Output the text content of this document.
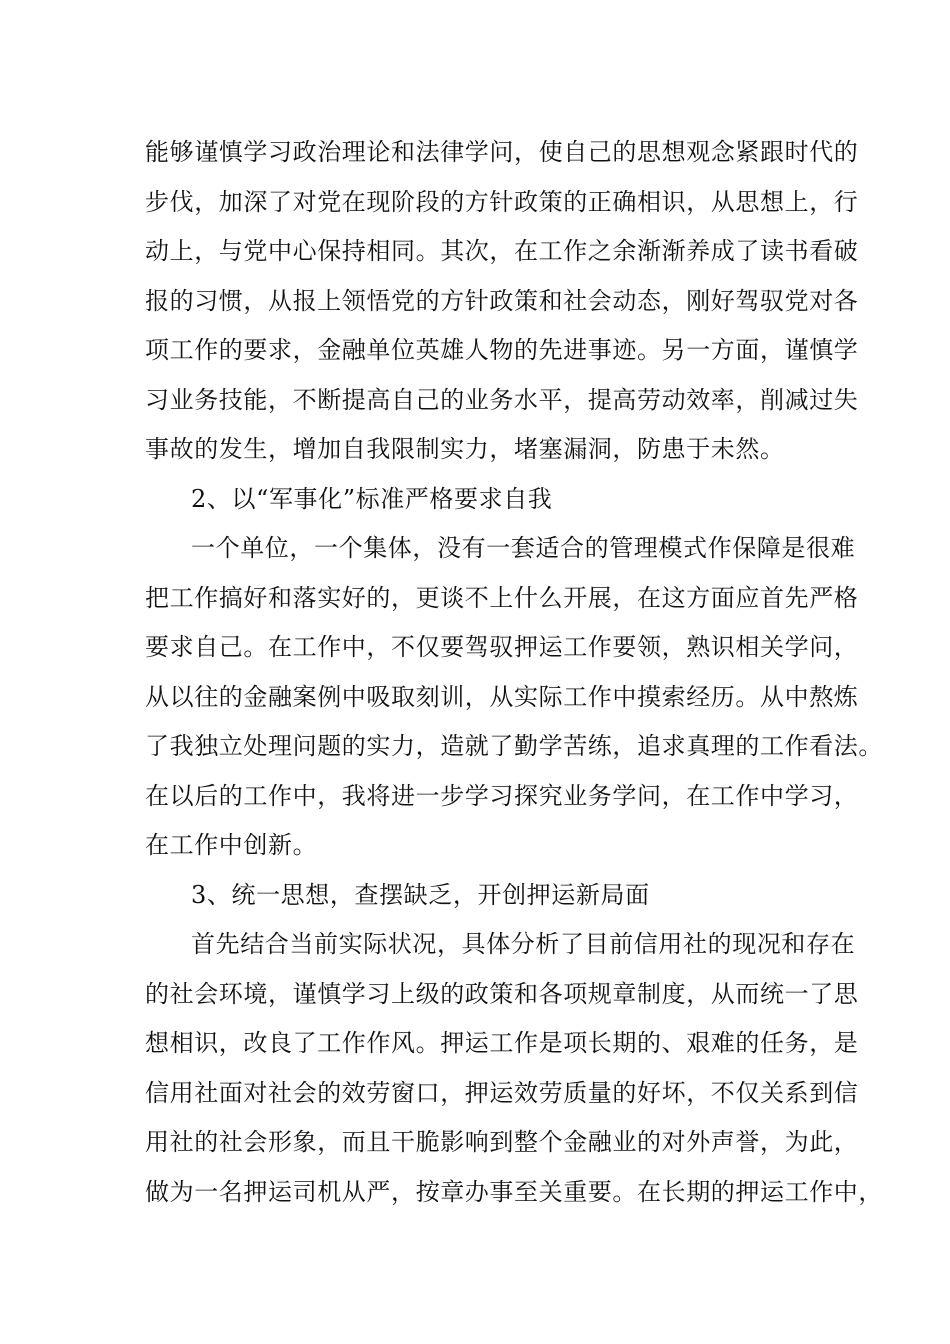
能够谨慎学习政治理论和法律学问，使自己的思想观念紧跟时代的
步伐，加深了对党在现阶段的方针政策的正确相识，从思想上，行
动上，与党中心保持相同。其次，在工作之余渐渐养成了读书看破
报的习惯，从报上领悟党的方针政策和社会动态，刚好驾驭党对各
项工作的要求，金融单位英雄人物的先进事迹。另一方面，谨慎学
习业务技能，不断提高自己的业务水平，提高劳动效率，削减过失
事故的发生，增加自我限制实力，堵塞漏洞，防患于未然。
2、以“军事化”标准严格要求自我
一个单位，一个集体，没有一套适合的管理模式作保障是很难
把工作搞好和落实好的，更谈不上什么开展，在这方面应首先严格
要求自己。在工作中，不仅要驾驭押运工作要领，熟识相关学问，
从以往的金融案例中吸取刻训，从实际工作中摸索经历。从中熬炼
了我独立处理问题的实力，造就了勤学苦练，追求真理的工作看法。
在以后的工作中，我将进一步学习探究业务学问，在工作中学习，
在工作中创新。
3、统一思想，查摆缺乏，开创押运新局面
首先结合当前实际状况，具体分析了目前信用社的现况和存在
的社会环境，谨慎学习上级的政策和各项规章制度，从而统一了思
想相识，改良了工作作风。押运工作是项长期的、艰难的任务，是
信用社面对社会的效劳窗口，押运效劳质量的好坏，不仅关系到信
用社的社会形象，而且干脆影响到整个金融业的对外声誉，为此，
做为一名押运司机从严，按章办事至关重要。在长期的押运工作中，
